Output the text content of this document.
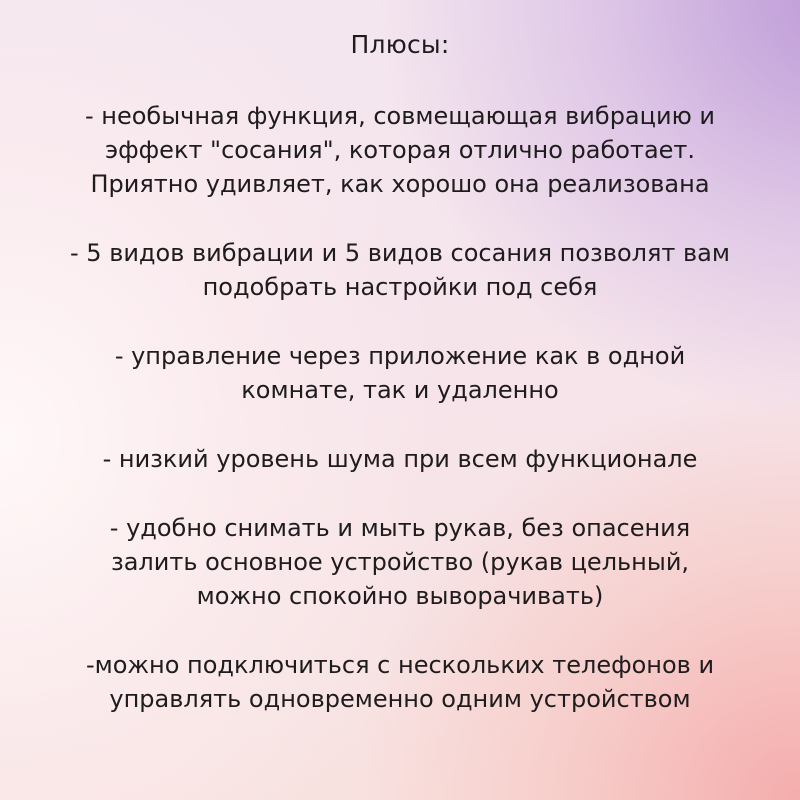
Плюсы:
- необычная функция, совмещающая вибрацию и
эффект "сосания", которая отлично работает.
Приятно удивляет, как хорошо она реализована
- 5 видов вибрации и 5 видов сосания позволят вам
подобрать настройки под себя
- управление через приложение как в одной
комнате, так и удаленно
- низкий уровень шума при всем функционале
- удобно снимать и мыть рукав, без опасения
залить основное устройство (рукав цельный,
можно спокойно выворачивать)
-можно подключиться с нескольких телефонов и
управлять одновременно одним устройством
